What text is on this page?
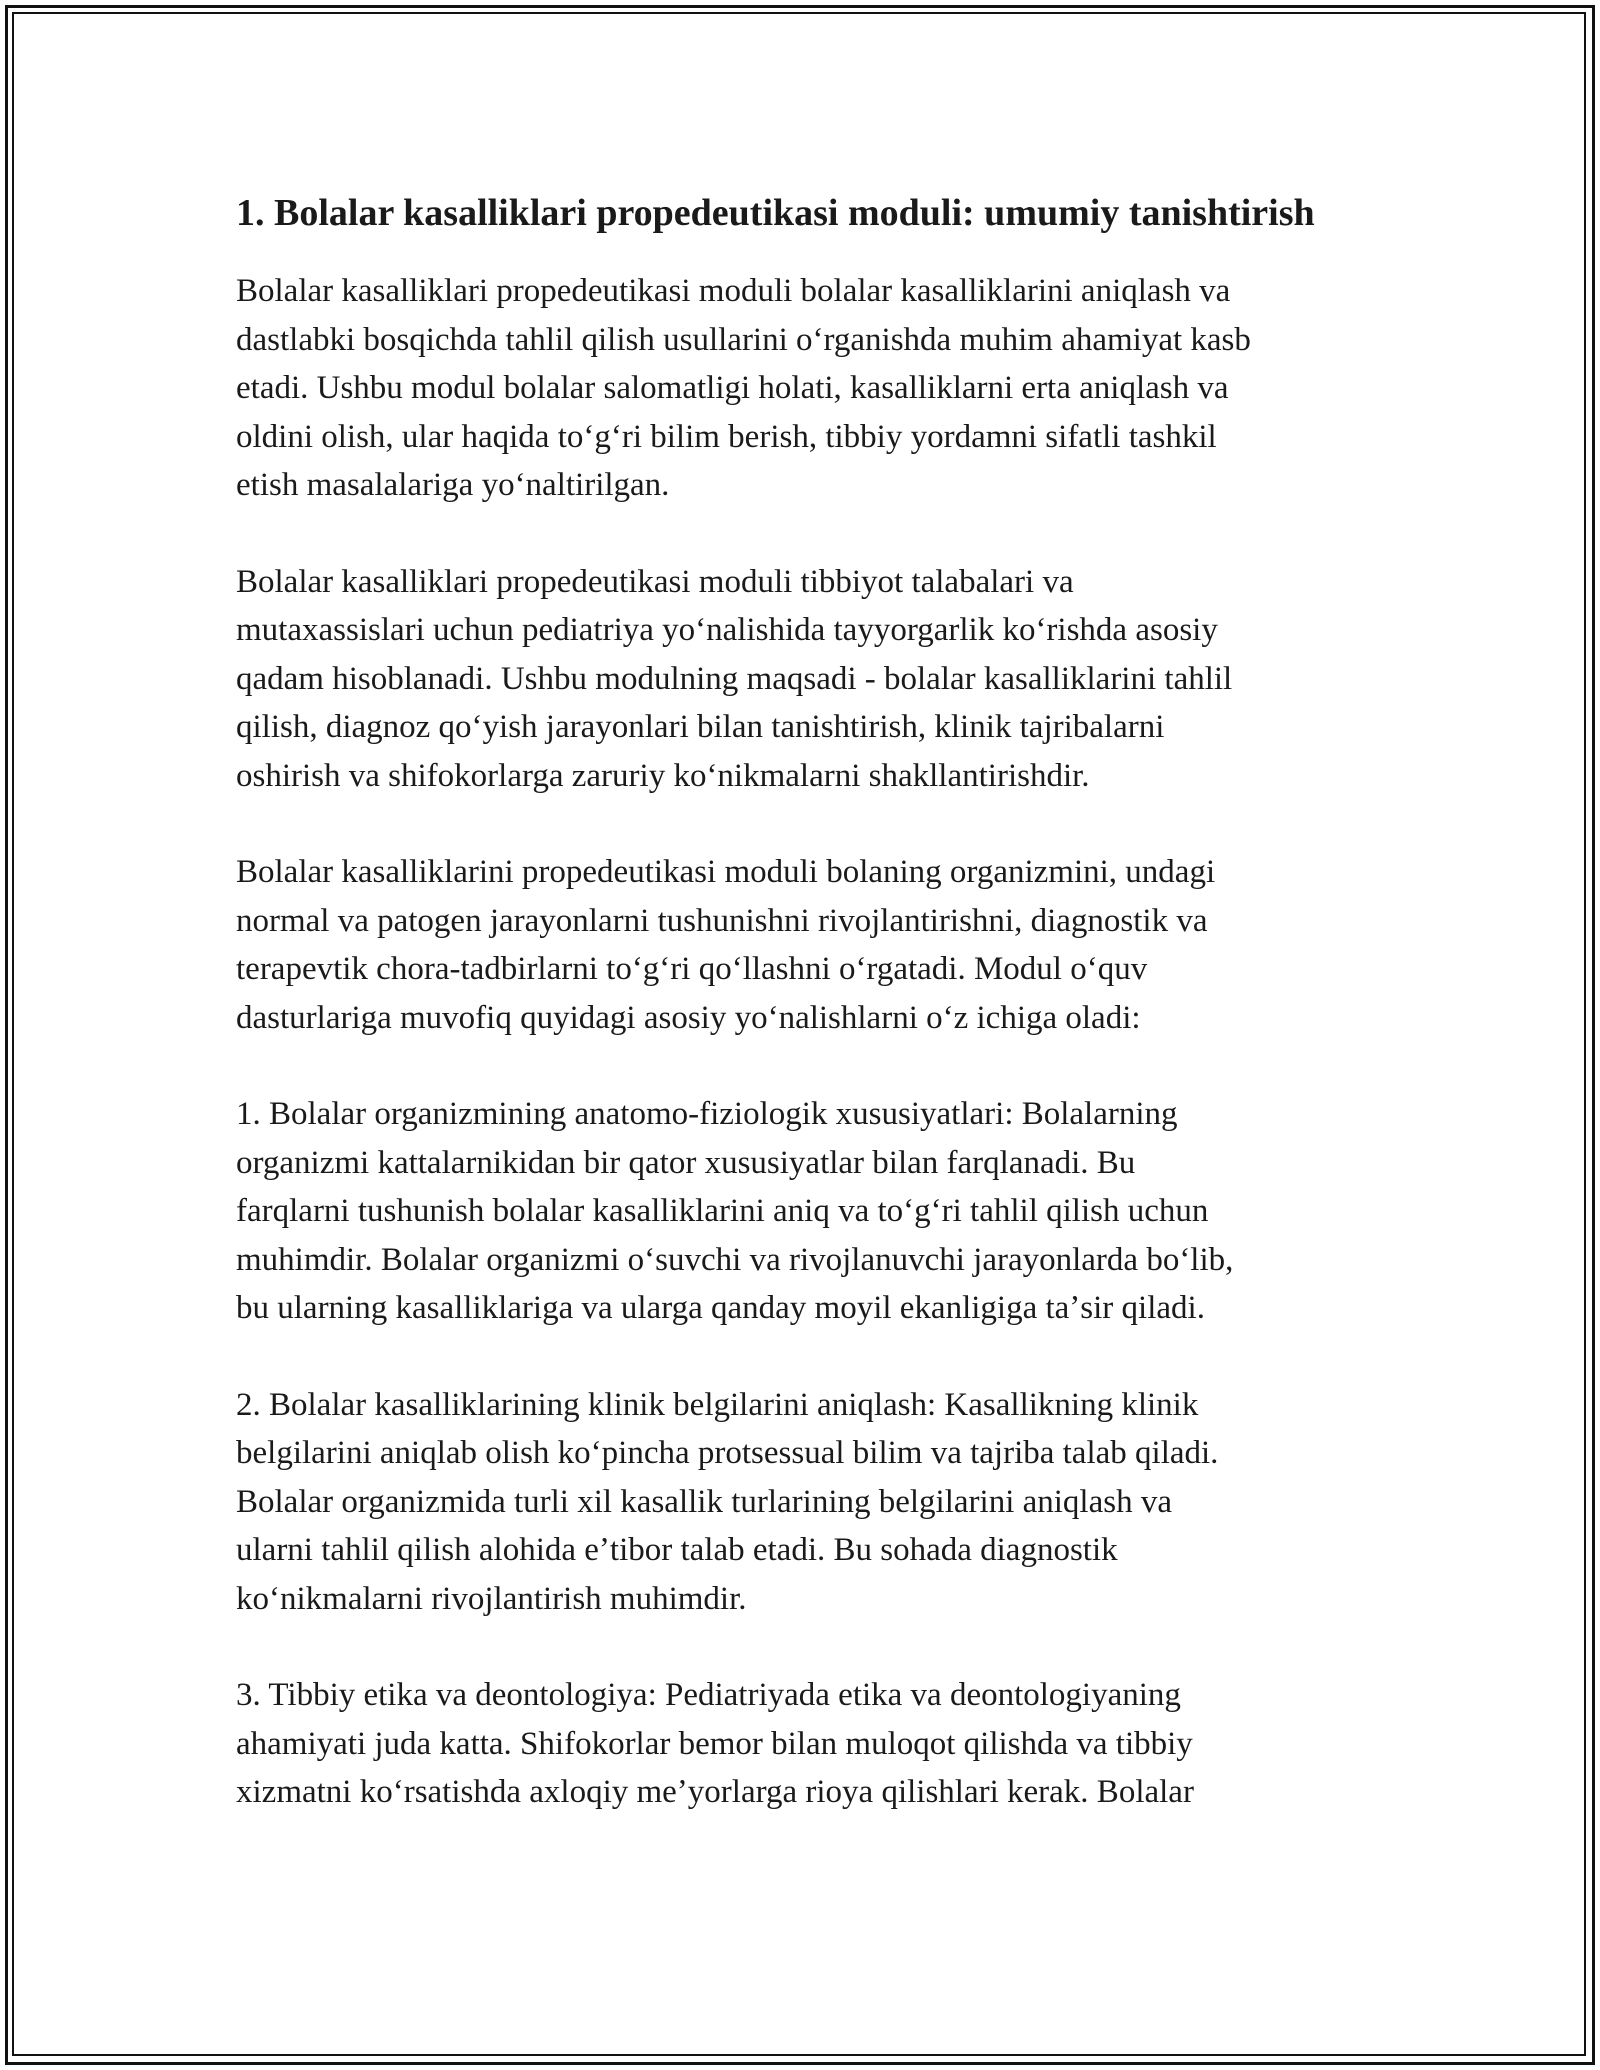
1. Bolalar kasalliklari propedeutikasi moduli: umumiy tanishtirish

Bolalar kasalliklari propedeutikasi moduli bolalar kasalliklarini aniqlash va
dastlabki bosqichda tahlil qilish usullarini oʻrganishda muhim ahamiyat kasb
etadi. Ushbu modul bolalar salomatligi holati, kasalliklarni erta aniqlash va
oldini olish, ular haqida toʻgʻri bilim berish, tibbiy yordamni sifatli tashkil
etish masalalariga yoʻnaltirilgan.

Bolalar kasalliklari propedeutikasi moduli tibbiyot talabalari va
mutaxassislari uchun pediatriya yoʻnalishida tayyorgarlik koʻrishda asosiy
qadam hisoblanadi. Ushbu modulning maqsadi - bolalar kasalliklarini tahlil
qilish, diagnoz qoʻyish jarayonlari bilan tanishtirish, klinik tajribalarni
oshirish va shifokorlarga zaruriy koʻnikmalarni shakllantirishdir.

Bolalar kasalliklarini propedeutikasi moduli bolaning organizmini, undagi
normal va patogen jarayonlarni tushunishni rivojlantirishni, diagnostik va
terapevtik chora-tadbirlarni toʻgʻri qoʻllashni oʻrgatadi. Modul oʻquv
dasturlariga muvofiq quyidagi asosiy yoʻnalishlarni oʻz ichiga oladi:

1. Bolalar organizmining anatomo-fiziologik xususiyatlari: Bolalarning
organizmi kattalarnikidan bir qator xususiyatlar bilan farqlanadi. Bu
farqlarni tushunish bolalar kasalliklarini aniq va toʻgʻri tahlil qilish uchun
muhimdir. Bolalar organizmi oʻsuvchi va rivojlanuvchi jarayonlarda boʻlib,
bu ularning kasalliklariga va ularga qanday moyil ekanligiga taʼsir qiladi.

2. Bolalar kasalliklarining klinik belgilarini aniqlash: Kasallikning klinik
belgilarini aniqlab olish koʻpincha protsessual bilim va tajriba talab qiladi.
Bolalar organizmida turli xil kasallik turlarining belgilarini aniqlash va
ularni tahlil qilish alohida eʼtibor talab etadi. Bu sohada diagnostik
koʻnikmalarni rivojlantirish muhimdir.

3. Tibbiy etika va deontologiya: Pediatriyada etika va deontologiyaning
ahamiyati juda katta. Shifokorlar bemor bilan muloqot qilishda va tibbiy
xizmatni koʻrsatishda axloqiy meʼyorlarga rioya qilishlari kerak. Bolalar
